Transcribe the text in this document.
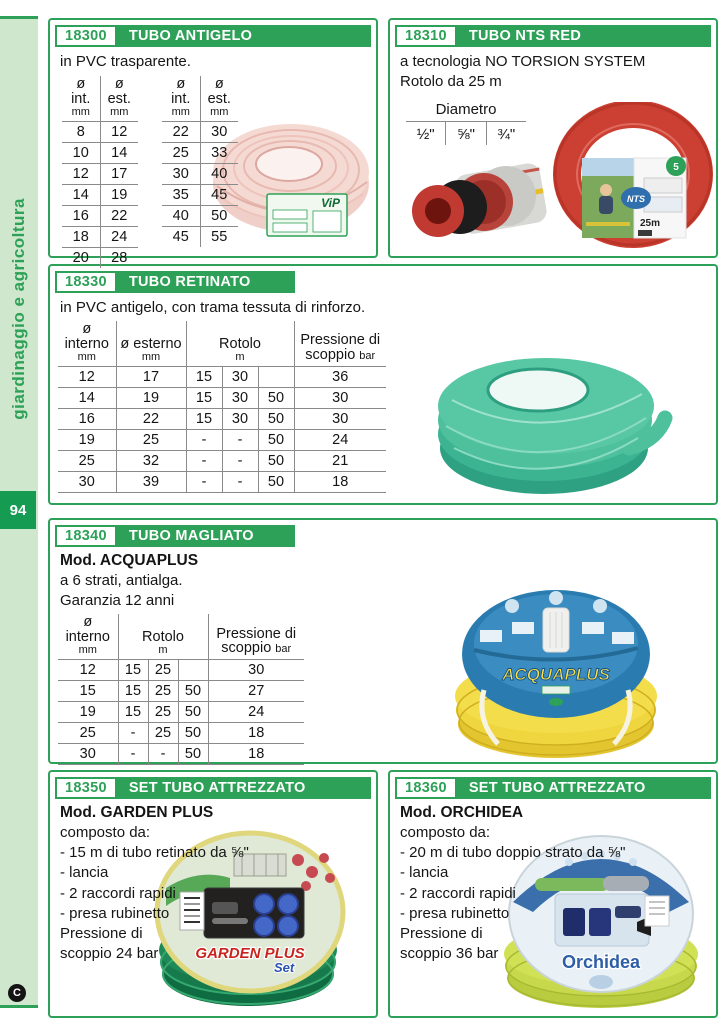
giardinaggio e agricoltura
94
C
18300	TUBO ANTIGELO
in PVC trasparente.
ø int.
mm	ø est.
mm

8	12
10	14
12	17
14	19
16	22
18	24
20	28
ø int.
mm	ø est.
mm

22	30
25	33
30	40
35	45
40	50
45	55
ViP
18310	TUBO NTS RED
a tecnologia NO TORSION SYSTEM
Rotolo da 25 m
Diametro
½"	⅝"	¾"
5
NTS
25m
18330	TUBO RETINATO
in PVC antigelo, con trama tessuta di rinforzo.
ø interno
mm	ø esterno
mm	Rotolo
m			Pressione di
scoppio bar

12	17	15	30		36
14	19	15	30	50	30
16	22	15	30	50	30
19	25	-	-	50	24
25	32	-	-	50	21
30	39	-	-	50	18
18340	TUBO MAGLIATO
Mod. ACQUAPLUS
a 6 strati, antialga.
Garanzia 12 anni
ø interno
mm	Rotolo
m			Pressione di
scoppio bar

12	15	25		30
15	15	25	50	27
19	15	25	50	24
25	-	25	50	18
30	-	-	50	18
ACQUAPLUS
18350	SET TUBO ATTREZZATO
Mod. GARDEN PLUS
composto da:
- 15 m di tubo retinato da ⅝"
- lancia
- 2 raccordi rapidi
- presa rubinetto
Pressione di
scoppio 24 bar	GARDEN PLUS
Set
18360	SET TUBO ATTREZZATO
Mod. ORCHIDEA
composto da:
- 20 m di tubo doppio strato da ⅝"
- lancia
- 2 raccordi rapidi
- presa rubinetto
Pressione di
scoppio 36 bar	Orchidea
